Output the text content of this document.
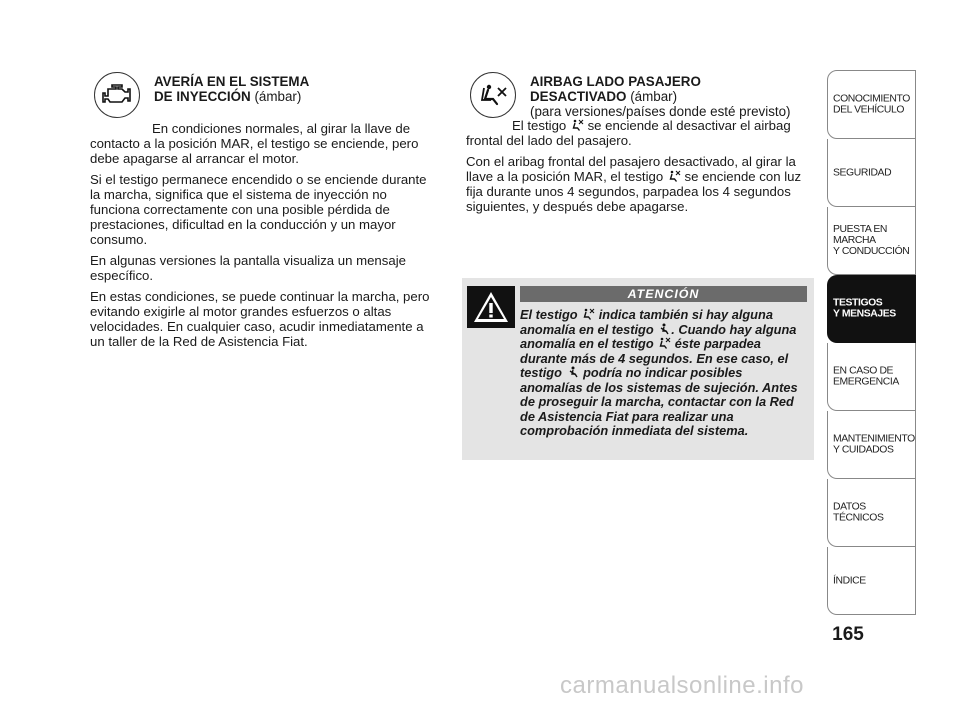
AVERÍA EN EL SISTEMA
DE INYECCIÓN (ámbar)

En condiciones normales, al girar la llave de contacto a la posición MAR, el testigo se enciende, pero debe apagarse al arrancar el motor.

Si el testigo permanece encendido o se enciende durante la marcha, significa que el sistema de inyección no funciona correctamente con una posible pérdida de prestaciones, dificultad en la conducción y un mayor consumo.

En algunas versiones la pantalla visualiza un mensaje específico.

En estas condiciones, se puede continuar la marcha, pero evitando exigirle al motor grandes esfuerzos o altas velocidades. En cualquier caso, acudir inmediatamente a un taller de la Red de Asistencia Fiat.

AIRBAG LADO PASAJERO
DESACTIVADO (ámbar)
(para versiones/países donde esté previsto)

El testigo  se enciende al desactivar el airbag frontal del lado del pasajero.

Con el aribag frontal del pasajero desactivado, al girar la llave a la posición MAR, el testigo  se enciende con luz fija durante unos 4 segundos, parpadea los 4 segundos siguientes, y después debe apagarse.

ATENCIÓN
El testigo  indica también si hay alguna anomalía en el testigo . Cuando hay alguna anomalía en el testigo  éste parpadea durante más de 4 segundos. En ese caso, el testigo  podría no indicar posibles anomalías de los sistemas de sujeción. Antes de proseguir la marcha, contactar con la Red de Asistencia Fiat para realizar una comprobación inmediata del sistema.
CONOCIMIENTO
DEL VEHÍCULO
SEGURIDAD
PUESTA EN
MARCHA
Y CONDUCCIÓN
TESTIGOS
Y MENSAJES
EN CASO DE
EMERGENCIA
MANTENIMIENTO
Y CUIDADOS
DATOS
TÉCNICOS
ÍNDICE
165
carmanualsonline.info
